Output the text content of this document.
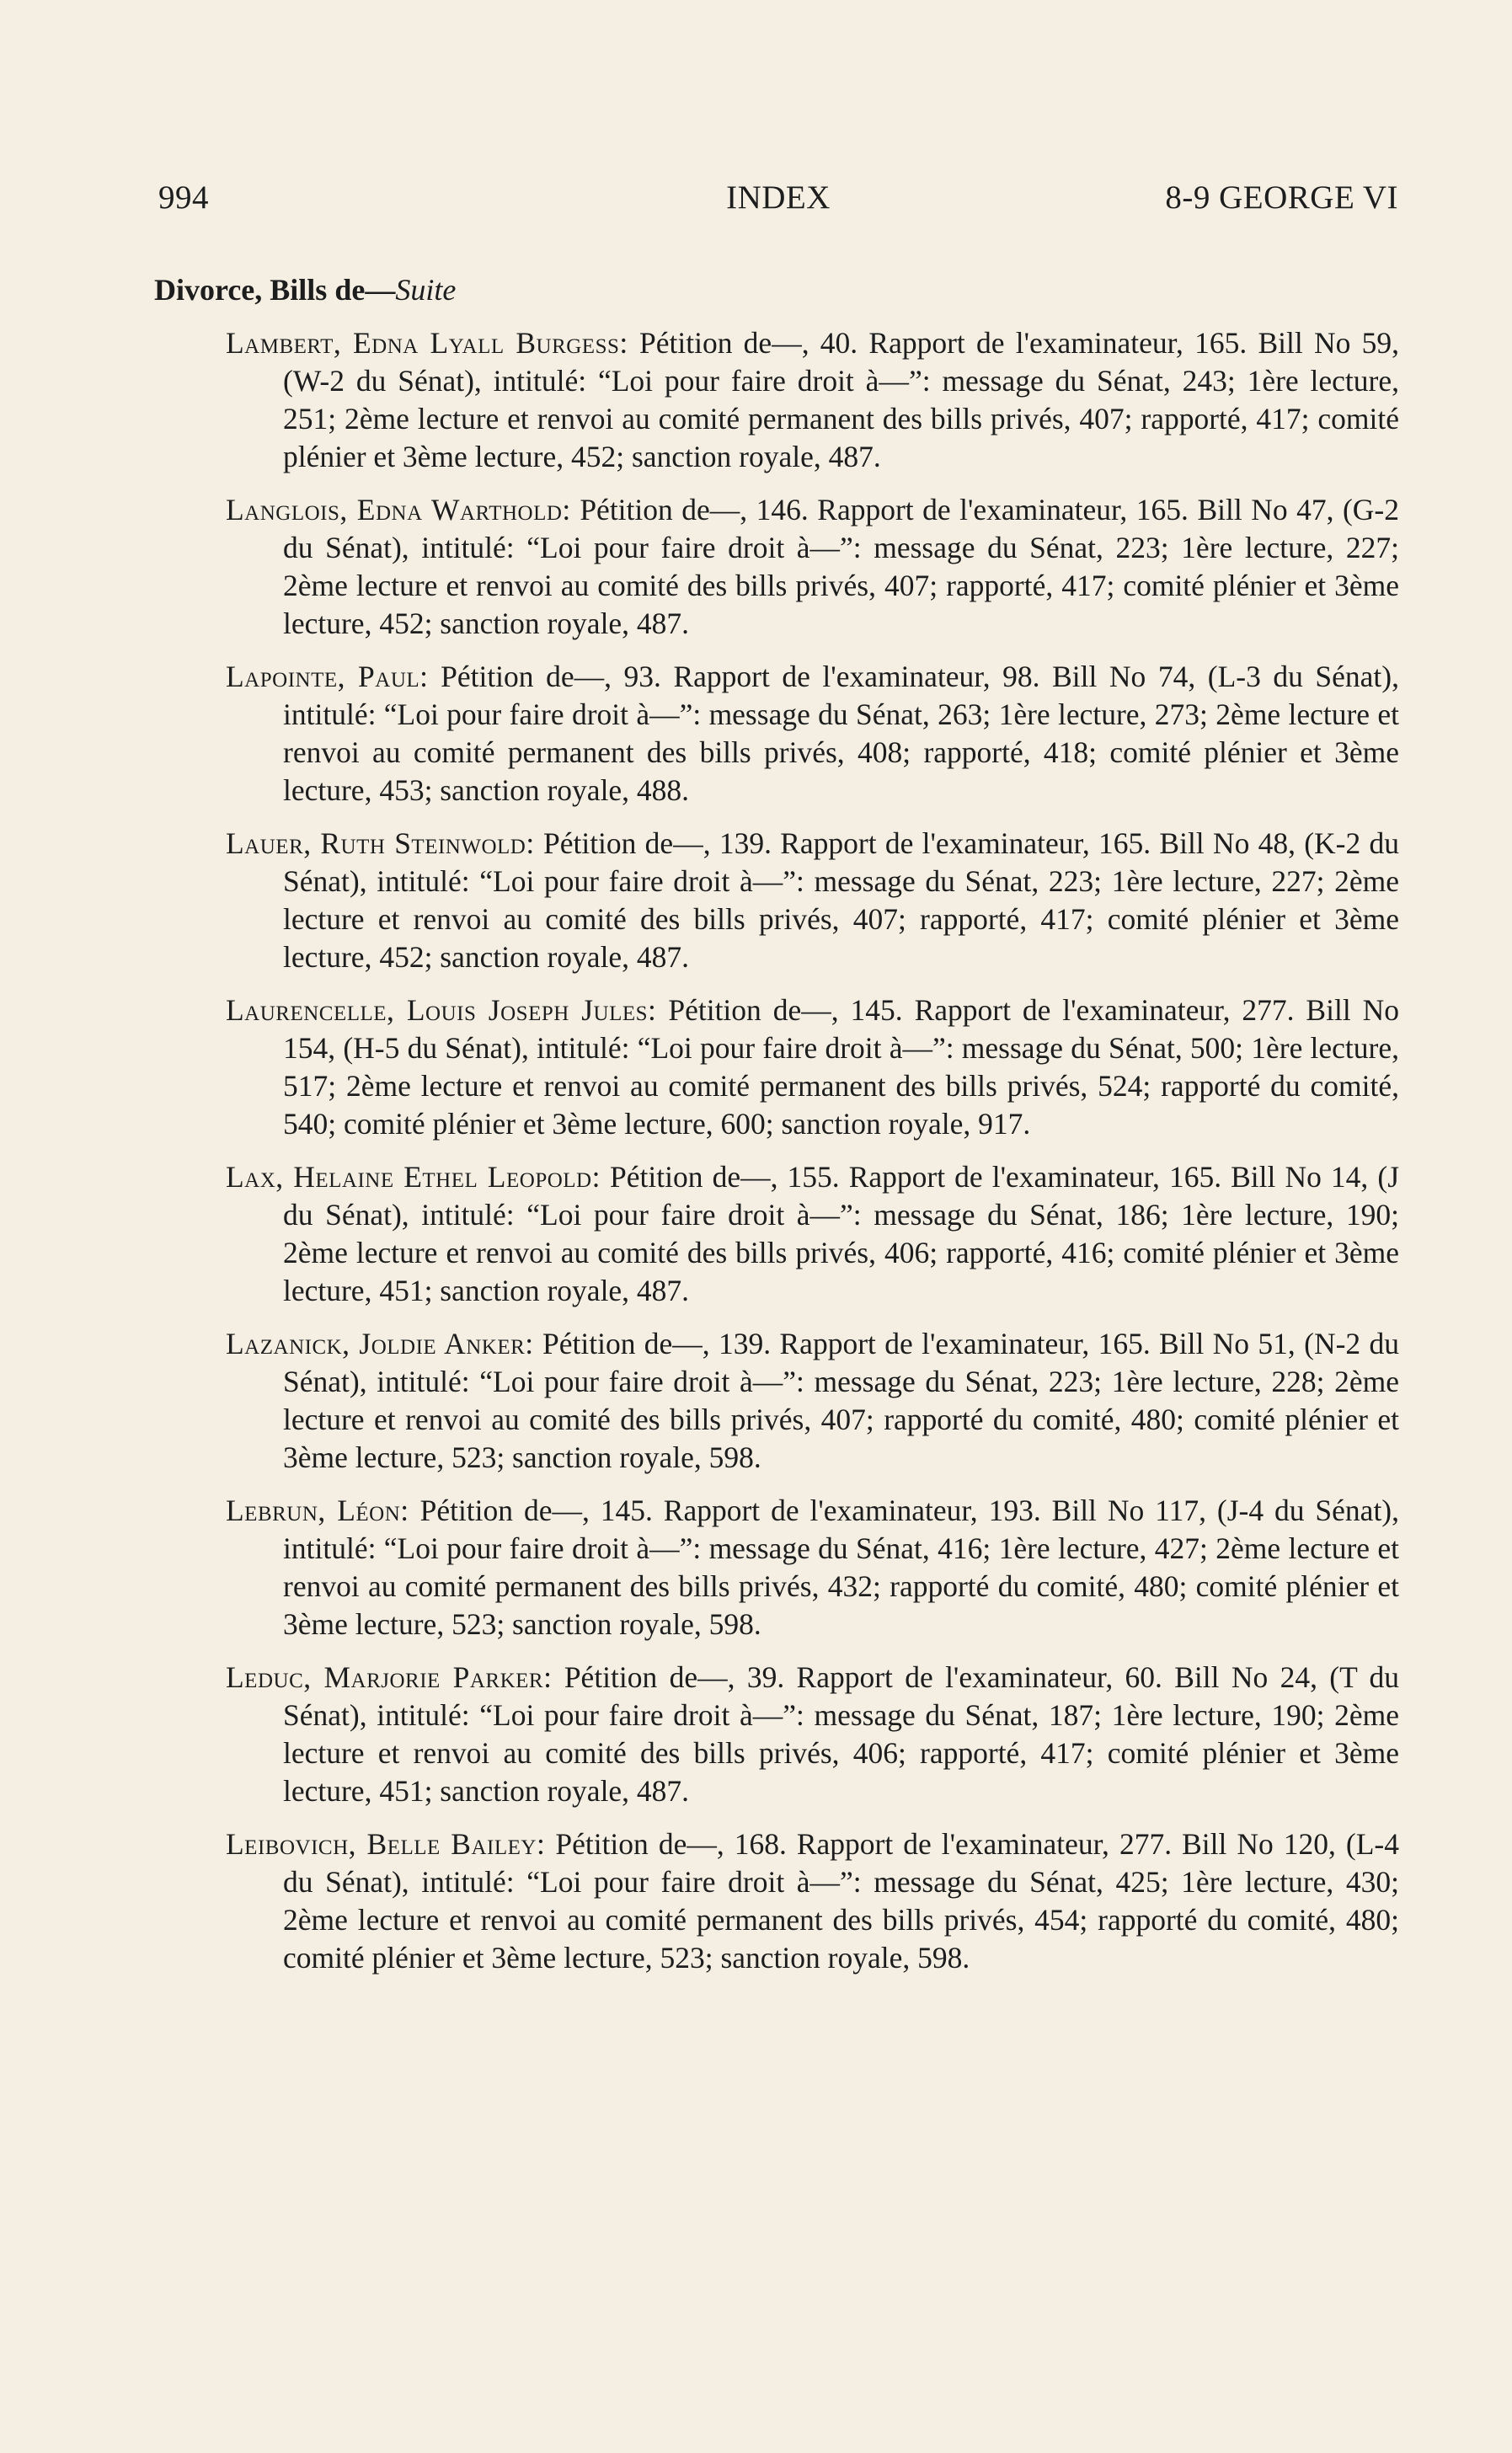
994	INDEX	8-9 GEORGE VI
Divorce, Bills de—Suite

Lambert, Edna Lyall Burgess: Pétition de—, 40. Rapport de l'examinateur, 165. Bill No 59, (W-2 du Sénat), intitulé: “Loi pour faire droit à—”: message du Sénat, 243; 1ère lecture, 251; 2ème lecture et renvoi au comité permanent des bills privés, 407; rapporté, 417; comité plénier et 3ème lecture, 452; sanction royale, 487.

Langlois, Edna Warthold: Pétition de—, 146. Rapport de l'examinateur, 165. Bill No 47, (G-2 du Sénat), intitulé: “Loi pour faire droit à—”: message du Sénat, 223; 1ère lecture, 227; 2ème lecture et renvoi au comité des bills privés, 407; rapporté, 417; comité plénier et 3ème lecture, 452; sanction royale, 487.

Lapointe, Paul: Pétition de—, 93. Rapport de l'examinateur, 98. Bill No 74, (L-3 du Sénat), intitulé: “Loi pour faire droit à—”: message du Sénat, 263; 1ère lecture, 273; 2ème lecture et renvoi au comité permanent des bills privés, 408; rapporté, 418; comité plénier et 3ème lecture, 453; sanction royale, 488.

Lauer, Ruth Steinwold: Pétition de—, 139. Rapport de l'examinateur, 165. Bill No 48, (K-2 du Sénat), intitulé: “Loi pour faire droit à—”: message du Sénat, 223; 1ère lecture, 227; 2ème lecture et renvoi au comité des bills privés, 407; rapporté, 417; comité plénier et 3ème lecture, 452; sanction royale, 487.

Laurencelle, Louis Joseph Jules: Pétition de—, 145. Rapport de l'examinateur, 277. Bill No 154, (H-5 du Sénat), intitulé: “Loi pour faire droit à—”: message du Sénat, 500; 1ère lecture, 517; 2ème lecture et renvoi au comité permanent des bills privés, 524; rapporté du comité, 540; comité plénier et 3ème lecture, 600; sanction royale, 917.

Lax, Helaine Ethel Leopold: Pétition de—, 155. Rapport de l'examinateur, 165. Bill No 14, (J du Sénat), intitulé: “Loi pour faire droit à—”: message du Sénat, 186; 1ère lecture, 190; 2ème lecture et renvoi au comité des bills privés, 406; rapporté, 416; comité plénier et 3ème lecture, 451; sanction royale, 487.

Lazanick, Joldie Anker: Pétition de—, 139. Rapport de l'examinateur, 165. Bill No 51, (N-2 du Sénat), intitulé: “Loi pour faire droit à—”: message du Sénat, 223; 1ère lecture, 228; 2ème lecture et renvoi au comité des bills privés, 407; rapporté du comité, 480; comité plénier et 3ème lecture, 523; sanction royale, 598.

Lebrun, Léon: Pétition de—, 145. Rapport de l'examinateur, 193. Bill No 117, (J-4 du Sénat), intitulé: “Loi pour faire droit à—”: message du Sénat, 416; 1ère lecture, 427; 2ème lecture et renvoi au comité permanent des bills privés, 432; rapporté du comité, 480; comité plénier et 3ème lecture, 523; sanction royale, 598.

Leduc, Marjorie Parker: Pétition de—, 39. Rapport de l'examinateur, 60. Bill No 24, (T du Sénat), intitulé: “Loi pour faire droit à—”: message du Sénat, 187; 1ère lecture, 190; 2ème lecture et renvoi au comité des bills privés, 406; rapporté, 417; comité plénier et 3ème lecture, 451; sanction royale, 487.

Leibovich, Belle Bailey: Pétition de—, 168. Rapport de l'examinateur, 277. Bill No 120, (L-4 du Sénat), intitulé: “Loi pour faire droit à—”: message du Sénat, 425; 1ère lecture, 430; 2ème lecture et renvoi au comité permanent des bills privés, 454; rapporté du comité, 480; comité plénier et 3ème lecture, 523; sanction royale, 598.
